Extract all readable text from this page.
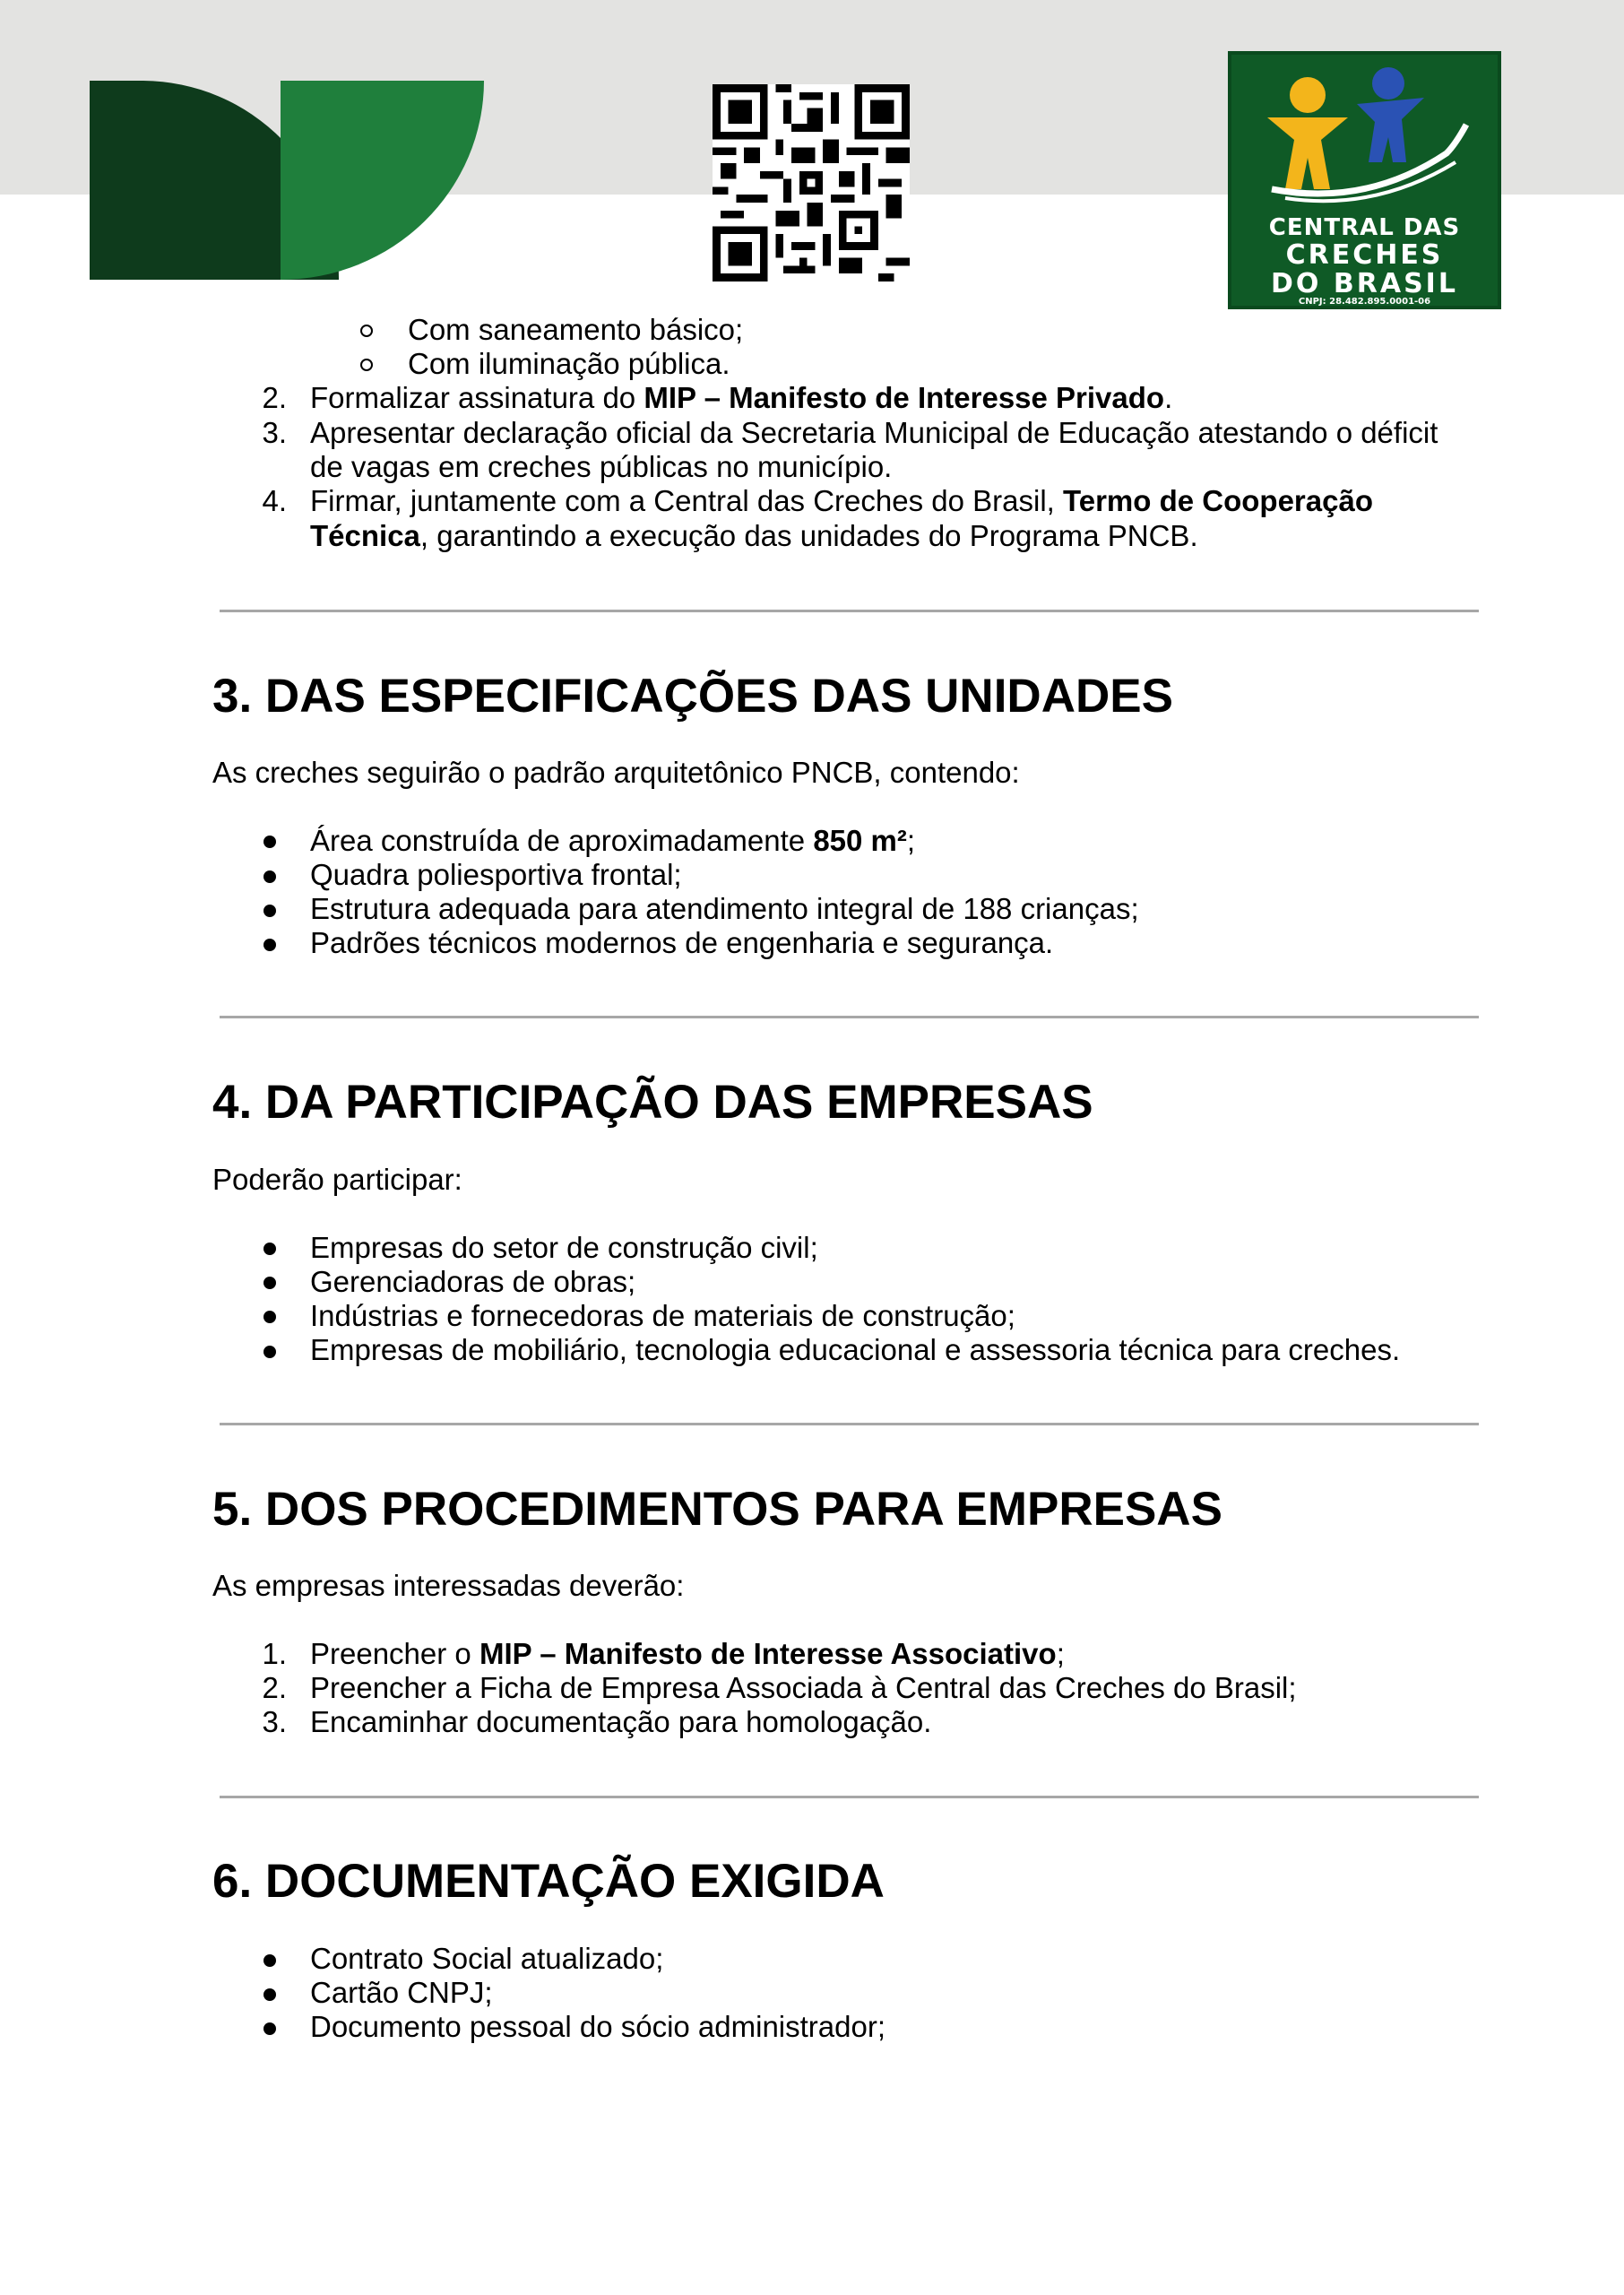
CENTRAL DAS
CRECHES
DO BRASIL
CNPJ: 28.482.895.0001-06
Com saneamento básico;
Com iluminação pública.
2. Formalizar assinatura do MIP – Manifesto de Interesse Privado.
3. Apresentar declaração oficial da Secretaria Municipal de Educação atestando o déficit
de vagas em creches públicas no município.
4. Firmar, juntamente com a Central das Creches do Brasil, Termo de Cooperação
Técnica, garantindo a execução das unidades do Programa PNCB.
3. DAS ESPECIFICAÇÕES DAS UNIDADES
As creches seguirão o padrão arquitetônico PNCB, contendo:
Área construída de aproximadamente 850 m²;
Quadra poliesportiva frontal;
Estrutura adequada para atendimento integral de 188 crianças;
Padrões técnicos modernos de engenharia e segurança.
4. DA PARTICIPAÇÃO DAS EMPRESAS
Poderão participar:
Empresas do setor de construção civil;
Gerenciadoras de obras;
Indústrias e fornecedoras de materiais de construção;
Empresas de mobiliário, tecnologia educacional e assessoria técnica para creches.
5. DOS PROCEDIMENTOS PARA EMPRESAS
As empresas interessadas deverão:
1. Preencher o MIP – Manifesto de Interesse Associativo;
2. Preencher a Ficha de Empresa Associada à Central das Creches do Brasil;
3. Encaminhar documentação para homologação.
6. DOCUMENTAÇÃO EXIGIDA
Contrato Social atualizado;
Cartão CNPJ;
Documento pessoal do sócio administrador;
